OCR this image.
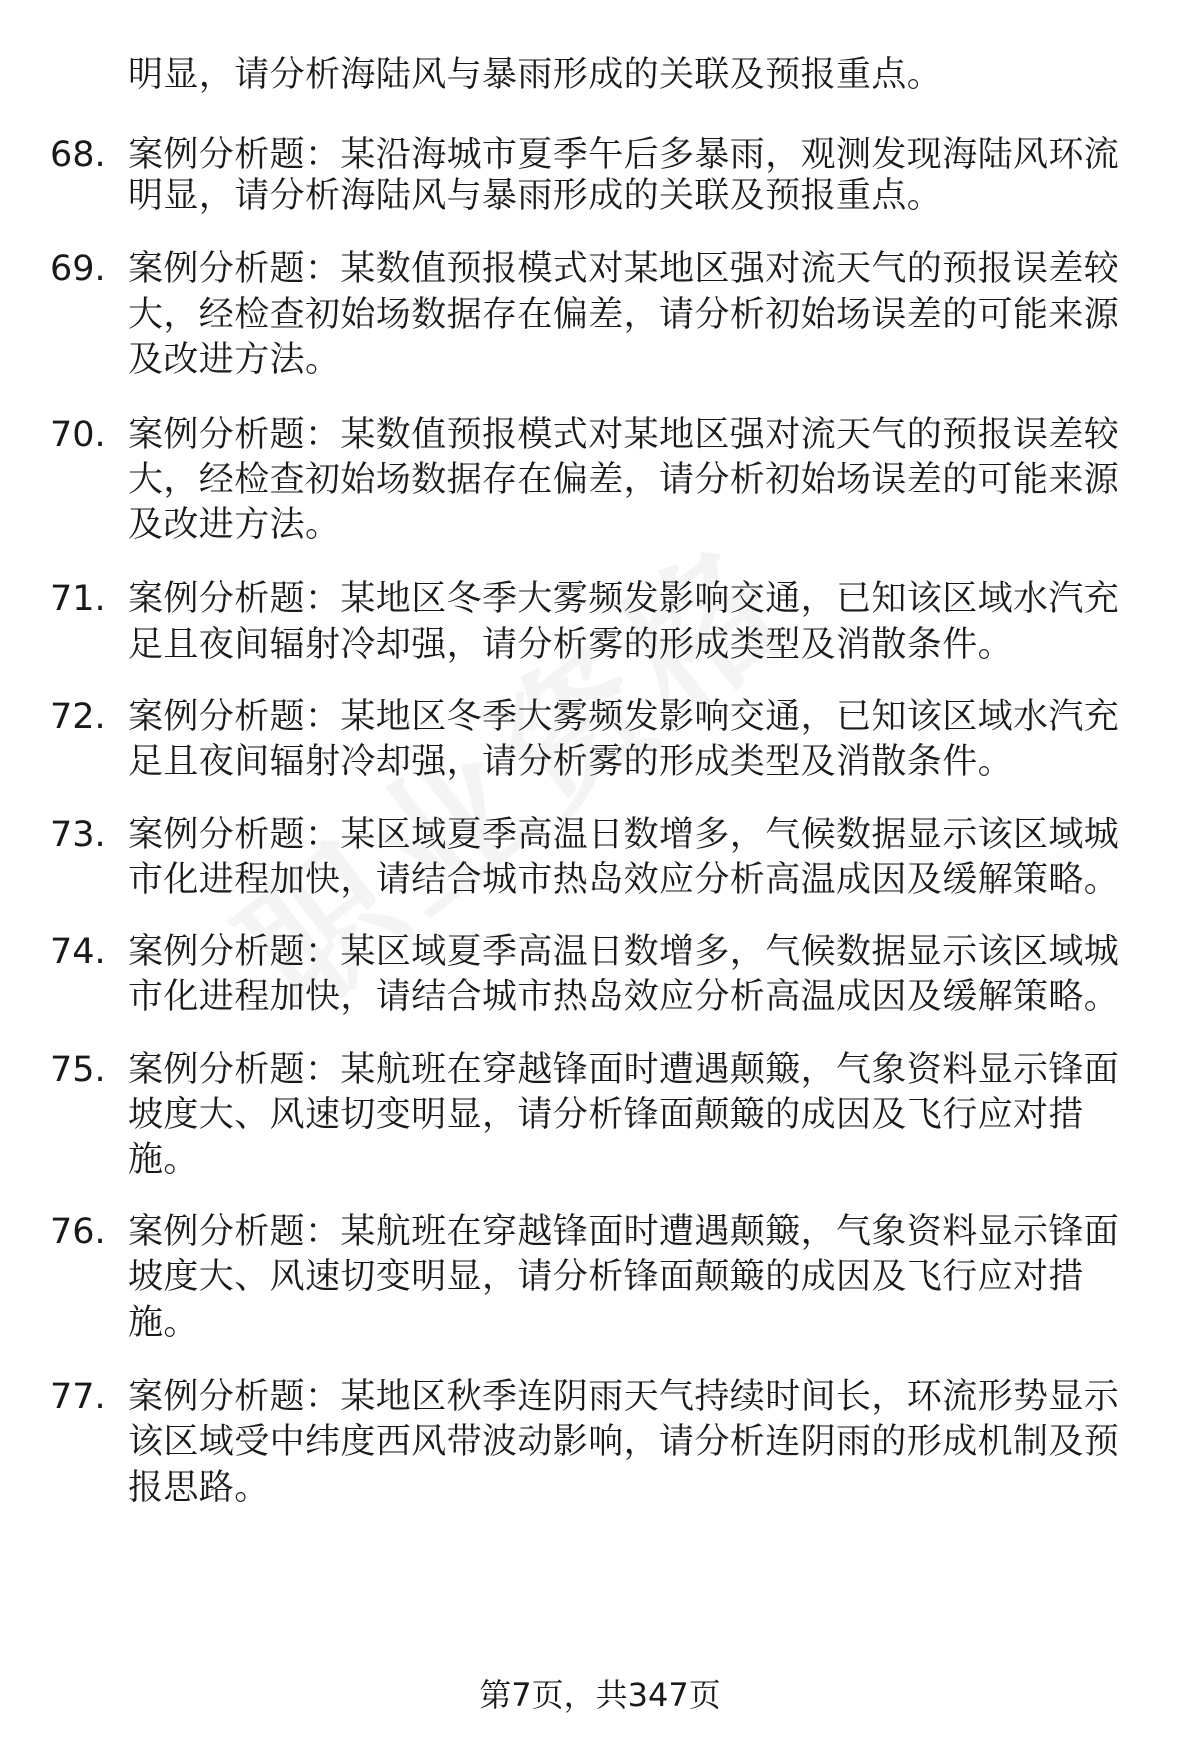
明显，请分析海陆风与暴雨形成的关联及预报重点。
68. 案例分析题：某沿海城市夏季午后多暴雨，观测发现海陆风环流
明显，请分析海陆风与暴雨形成的关联及预报重点。
69. 案例分析题：某数值预报模式对某地区强对流天气的预报误差较
大，经检查初始场数据存在偏差，请分析初始场误差的可能来源
及改进方法。
70. 案例分析题：某数值预报模式对某地区强对流天气的预报误差较
大，经检查初始场数据存在偏差，请分析初始场误差的可能来源
及改进方法。
71. 案例分析题：某地区冬季大雾频发影响交通，已知该区域水汽充
足且夜间辐射冷却强，请分析雾的形成类型及消散条件。
72. 案例分析题：某地区冬季大雾频发影响交通，已知该区域水汽充
足且夜间辐射冷却强，请分析雾的形成类型及消散条件。
73. 案例分析题：某区域夏季高温日数增多，气候数据显示该区域城
市化进程加快，请结合城市热岛效应分析高温成因及缓解策略。
74. 案例分析题：某区域夏季高温日数增多，气候数据显示该区域城
市化进程加快，请结合城市热岛效应分析高温成因及缓解策略。
75. 案例分析题：某航班在穿越锋面时遭遇颠簸，气象资料显示锋面
坡度大、风速切变明显，请分析锋面颠簸的成因及飞行应对措
施。
76. 案例分析题：某航班在穿越锋面时遭遇颠簸，气象资料显示锋面
坡度大、风速切变明显，请分析锋面颠簸的成因及飞行应对措
施。
77. 案例分析题：某地区秋季连阴雨天气持续时间长，环流形势显示
该区域受中纬度西风带波动影响，请分析连阴雨的形成机制及预
报思路。
第7页，共347页
